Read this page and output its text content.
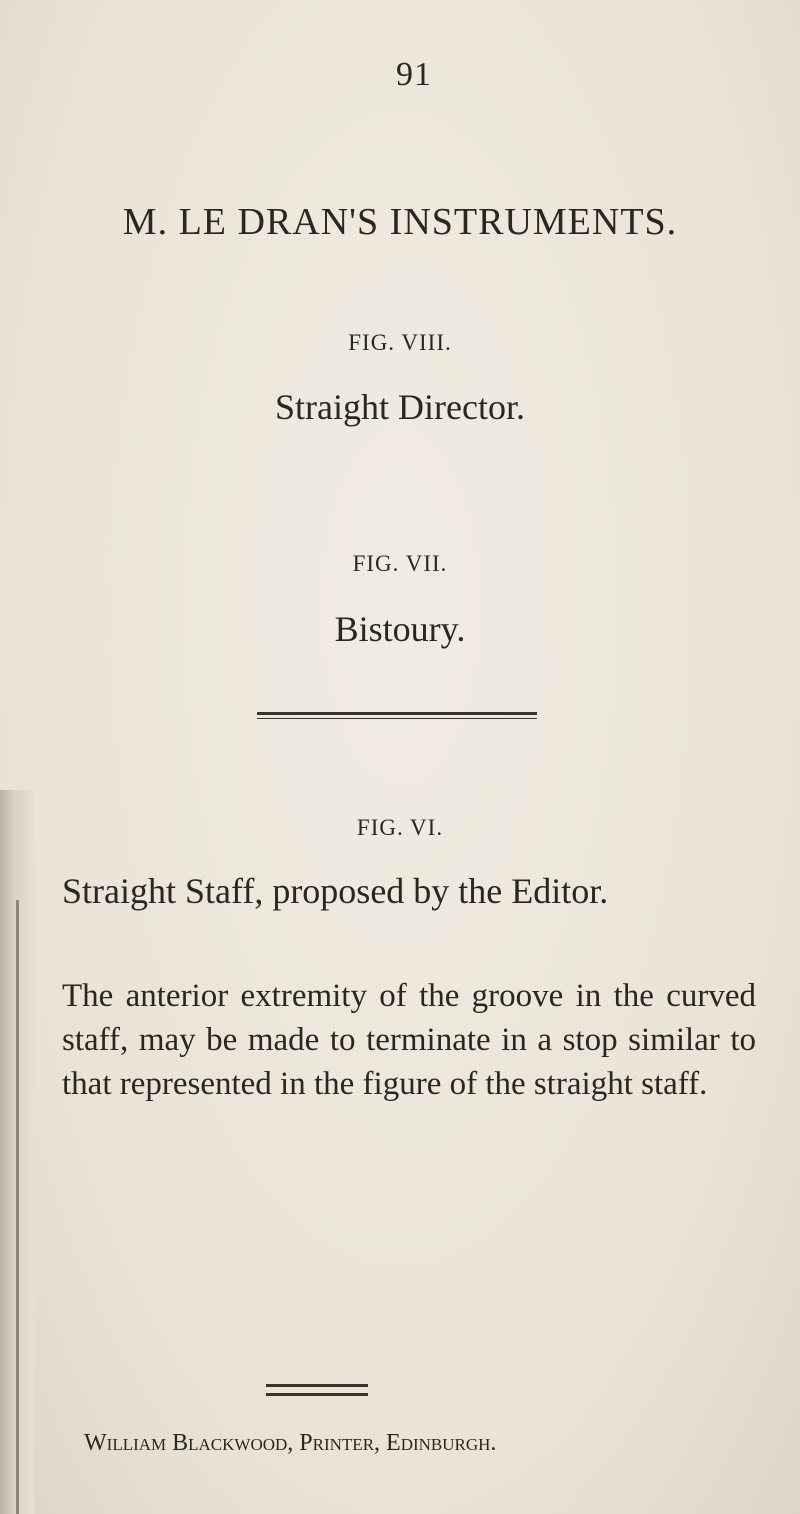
91
M. LE DRAN'S INSTRUMENTS.
FIG. VIII.
Straight Director.
FIG. VII.
Bistoury.
FIG. VI.
Straight Staff, proposed by the Editor.
The anterior extremity of the groove in the curved staff, may be made to terminate in a stop similar to that represented in the figure of the straight staff.
William Blackwood, Printer, Edinburgh.
